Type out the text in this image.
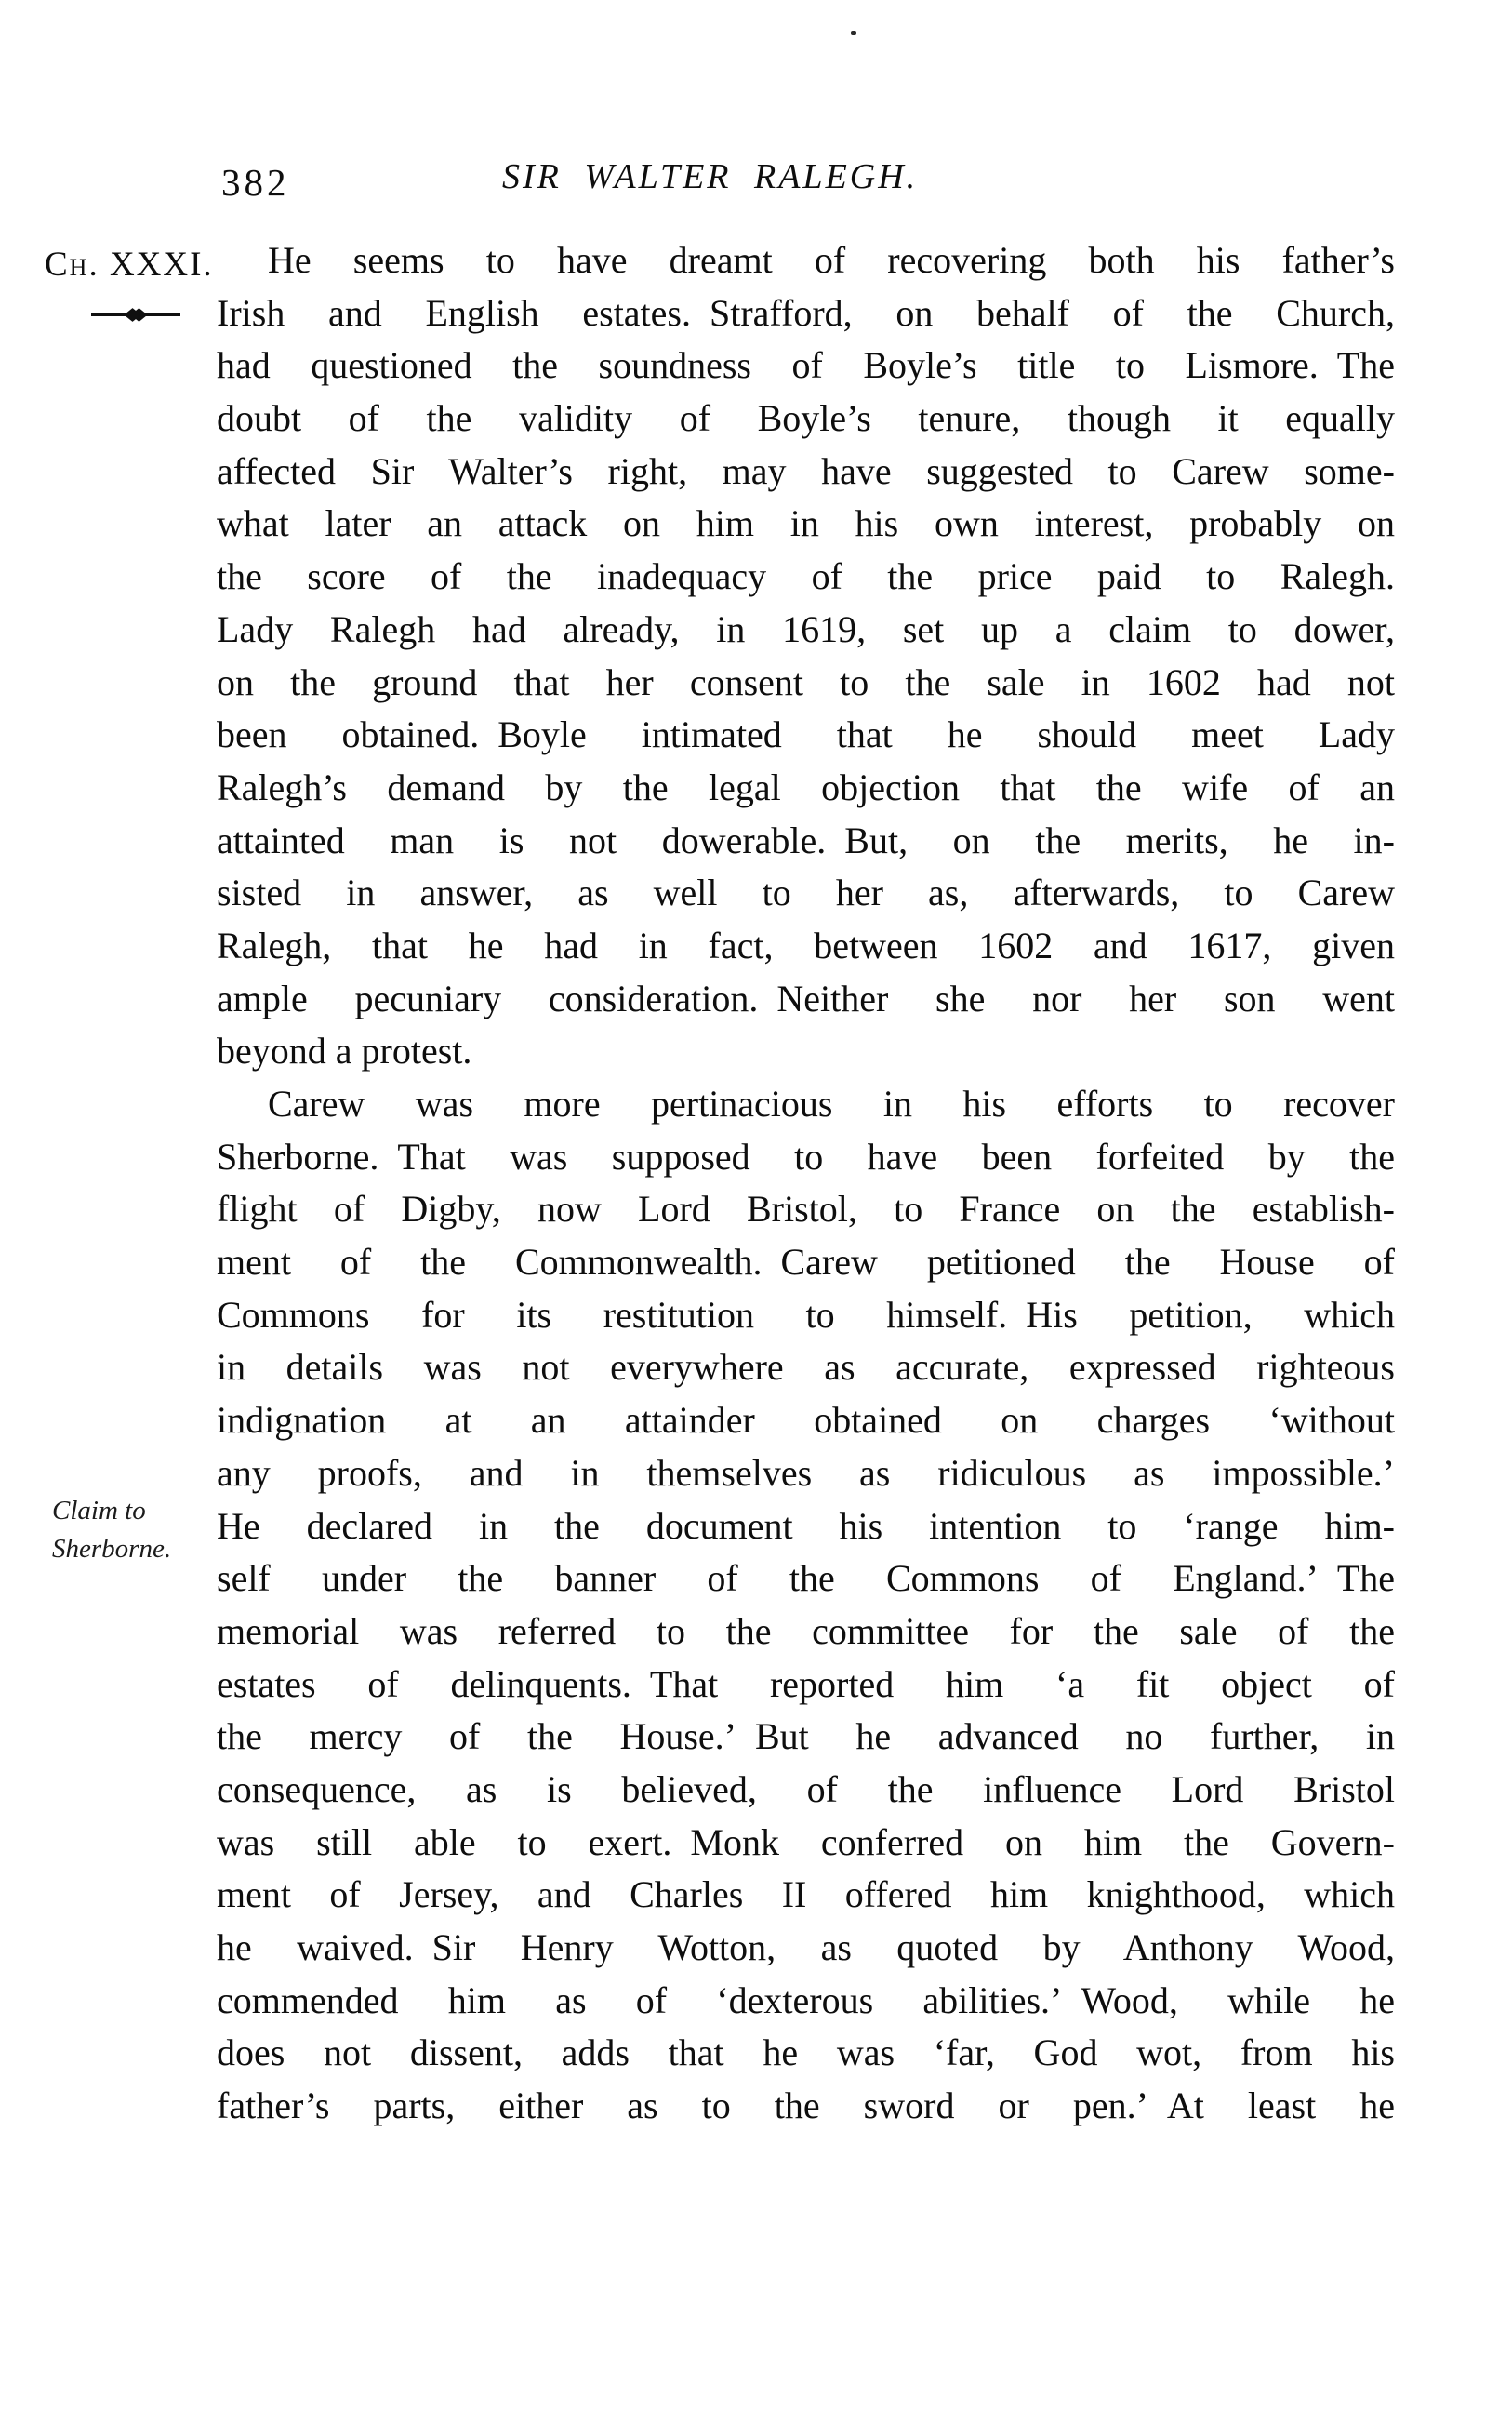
382	SIR WALTER RALEGH.
Ch. XXXI.
Claim to
Sherborne.
He seems to have dreamt of recovering both his father’s
Irish and English estates. Strafford, on behalf of the Church,
had questioned the soundness of Boyle’s title to Lismore. The
doubt of the validity of Boyle’s tenure, though it equally
affected Sir Walter’s right, may have suggested to Carew some-
what later an attack on him in his own interest, probably on
the score of the inadequacy of the price paid to Ralegh.
Lady Ralegh had already, in 1619, set up a claim to dower,
on the ground that her consent to the sale in 1602 had not
been obtained. Boyle intimated that he should meet Lady
Ralegh’s demand by the legal objection that the wife of an
attainted man is not dowerable. But, on the merits, he in-
sisted in answer, as well to her as, afterwards, to Carew
Ralegh, that he had in fact, between 1602 and 1617, given
ample pecuniary consideration. Neither she nor her son went
beyond a protest.
Carew was more pertinacious in his efforts to recover
Sherborne. That was supposed to have been forfeited by the
flight of Digby, now Lord Bristol, to France on the establish-
ment of the Commonwealth. Carew petitioned the House of
Commons for its restitution to himself. His petition, which
in details was not everywhere as accurate, expressed righteous
indignation at an attainder obtained on charges ‘without
any proofs, and in themselves as ridiculous as impossible.’
He declared in the document his intention to ‘range him-
self under the banner of the Commons of England.’ The
memorial was referred to the committee for the sale of the
estates of delinquents. That reported him ‘a fit object of
the mercy of the House.’ But he advanced no further, in
consequence, as is believed, of the influence Lord Bristol
was still able to exert. Monk conferred on him the Govern-
ment of Jersey, and Charles II offered him knighthood, which
he waived. Sir Henry Wotton, as quoted by Anthony Wood,
commended him as of ‘dexterous abilities.’ Wood, while he
does not dissent, adds that he was ‘far, God wot, from his
father’s parts, either as to the sword or pen.’ At least he
